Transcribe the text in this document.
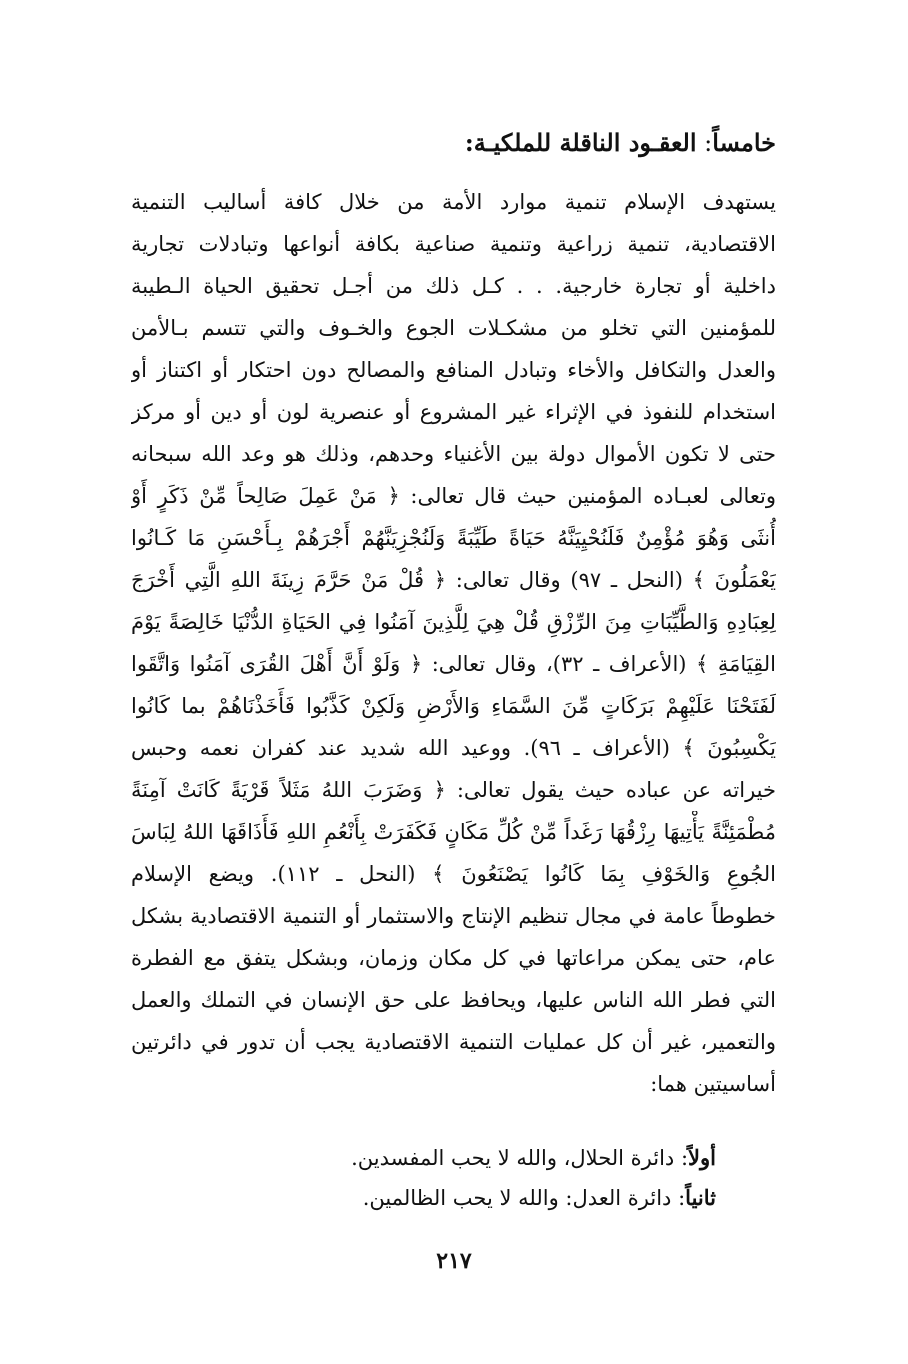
خامساً: العقـود الناقلة للملكيـة:
يستهدف الإسلام تنمية موارد الأمة من خلال كافة أساليب التنمية
الاقتصادية، تنمية زراعية وتنمية صناعية بكافة أنواعها وتبادلات تجارية
داخلية أو تجارة خارجية. . . كـل ذلك من أجـل تحقيق الحياة الـطيبة
للمؤمنين التي تخلو من مشكـلات الجوع والخـوف والتي تتسم بـالأمن
والعدل والتكافل والأخاء وتبادل المنافع والمصالح دون احتكار أو اكتناز أو
استخدام للنفوذ في الإثراء غير المشروع أو عنصرية لون أو دين أو مركز
حتى لا تكون الأموال دولة بين الأغنياء وحدهم، وذلك هو وعد الله سبحانه
وتعالى لعبـاده المؤمنين حيث قال تعالى: ﴿ مَنْ عَمِلَ صَالِحاً مِّنْ ذَكَرٍ أَوْ
أُنثَى وَهُوَ مُؤْمِنٌ فَلَنُحْيِيَنَّهُ حَيَاةً طَيِّبَةً وَلَنُجْزِيَنَّهُمْ أَجْرَهُمْ بِـأَحْسَنِ مَا كَـانُوا
يَعْمَلُونَ ﴾ (النحل ـ ٩٧) وقال تعالى: ﴿ قُلْ مَنْ حَرَّمَ زِينَةَ اللهِ الَّتِي أَخْرَجَ
لِعِبَادِهِ وَالطَّيِّبَاتِ مِنَ الرِّزْقِ قُلْ هِيَ لِلَّذِينَ آمَنُوا فِي الحَيَاةِ الدُّنْيَا خَالِصَةً يَوْمَ
القِيَامَةِ ﴾ (الأعراف ـ ٣٢)، وقال تعالى: ﴿ وَلَوْ أَنَّ أَهْلَ القُرَى آمَنُوا وَاتَّقَوا
لَفَتَحْنَا عَلَيْهِمْ بَرَكَاتٍ مِّنَ السَّمَاءِ وَالأَرْضِ وَلَكِنْ كَذَّبُوا فَأَخَذْنَاهُمْ بما كَانُوا
يَكْسِبُونَ ﴾ (الأعراف ـ ٩٦). ووعيد الله شديد عند كفران نعمه وحبس
خيراته عن عباده حيث يقول تعالى: ﴿ وَضَرَبَ اللهُ مَثَلاً قَرْيَةً كَانَتْ آمِنَةً
مُطْمَئِنَّةً يَأْتِيهَا رِزْقُهَا رَغَداً مِّنْ كُلِّ مَكَانٍ فَكَفَرَتْ بِأَنْعُمِ اللهِ فَأَذَاقَهَا اللهُ لِبَاسَ
الجُوعِ وَالخَوْفِ بِمَا كَانُوا يَصْنَعُونَ ﴾ (النحل ـ ١١٢). ويضع الإسلام
خطوطاً عامة في مجال تنظيم الإنتاج والاستثمار أو التنمية الاقتصادية بشكل
عام، حتى يمكن مراعاتها في كل مكان وزمان، وبشكل يتفق مع الفطرة
التي فطر الله الناس عليها، ويحافظ على حق الإنسان في التملك والعمل
والتعمير، غير أن كل عمليات التنمية الاقتصادية يجب أن تدور في دائرتين
أساسيتين هما:
أولاً: دائرة الحلال، والله لا يحب المفسدين.
ثانياً: دائرة العدل: والله لا يحب الظالمين.
٢١٧
